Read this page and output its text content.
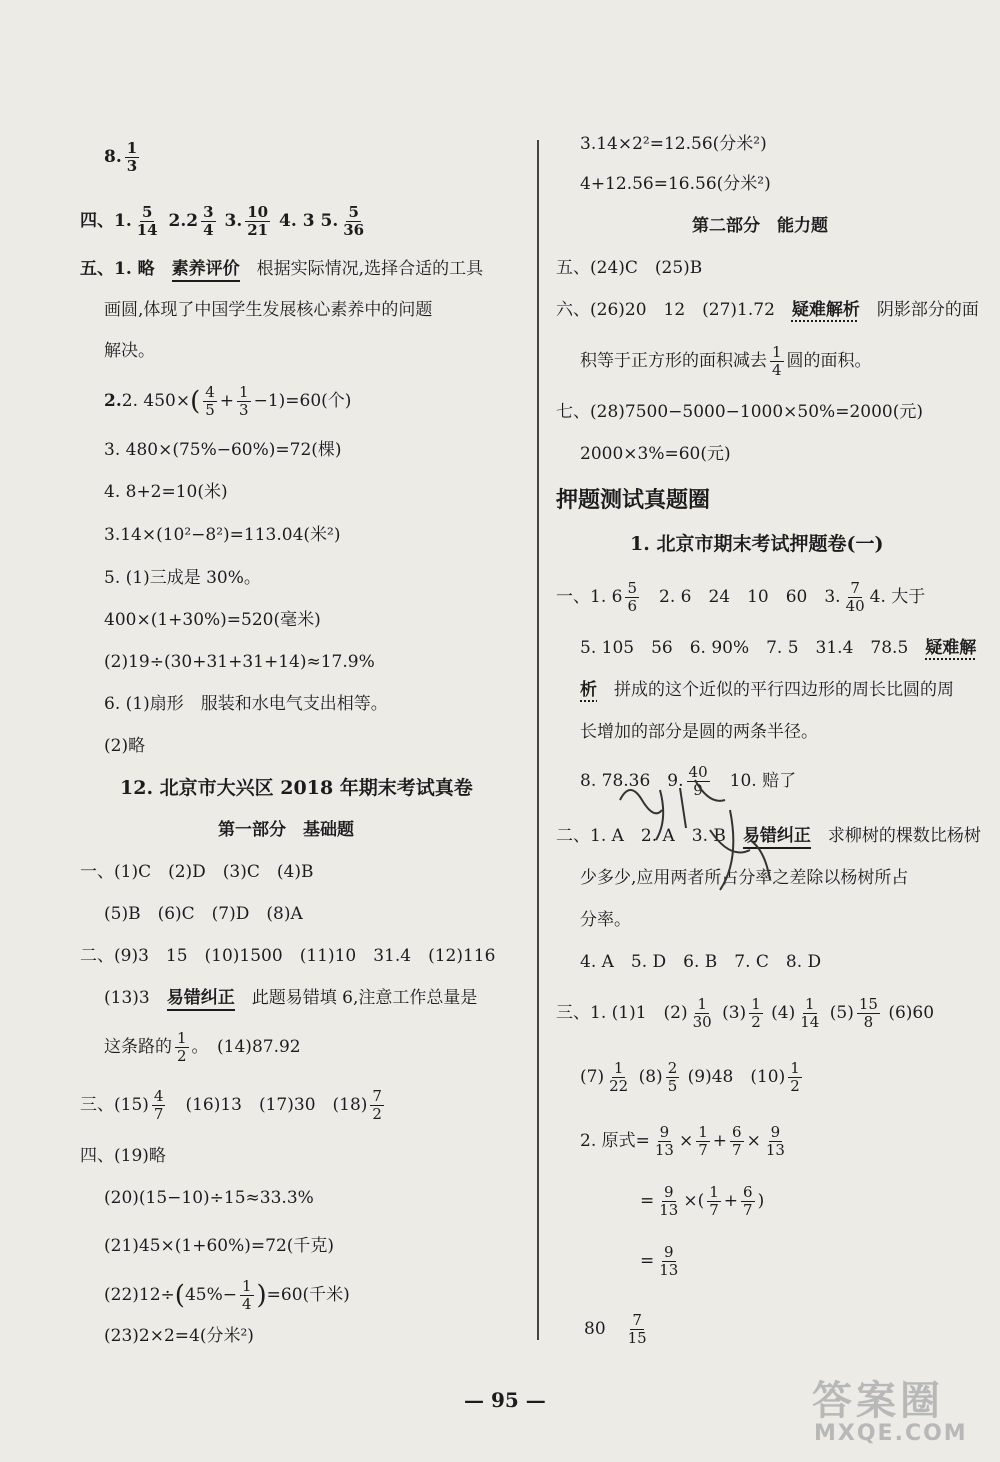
8. $\frac{1}{3}$
四、1. $\frac{5}{14} 2.2 \frac{3}{4} 3$. $\frac{10}{21} 4$. 3 5. $\frac{5}{36}$
五、1. 略　 素养评价　 根据实际情况,选择合适的工具
画圆,体现了中国学生发展核心素养中的问题
解决。
2.2. $450\times( \frac{4}{5} + \frac{1}{3} -1)=60$(个)
3. 480×(75%−60%)=72(棵)
4. 8+2=10(米)
3.14×(10²−8²)=113.04(米²)
5. (1)三成是 30%。
400×(1+30%)=520(毫米)
(2)19÷(30+31+31+14)≈17.9%
6. (1)扇形　服装和水电气支出相等。
(2)略
12. 北京市大兴区 2018 年期末考试真卷
第一部分　基础题
一、(1)C　(2)D　(3)C　(4)B
(5)B　(6)C　(7)D　(8)A
二、(9)3　15　(10)1500　(11)10　31.4　(12)116
(13)3　 易错纠正　 此题易错填 6,注意工作总量是
这条路的 $\frac{1}{2}$ 。　(14)87.92
三、$(15) \frac{4}{7}$
　 (16)13　(17)30　$(18) \frac{7}{2}$
四、(19)略
(20)(15−10)÷15≈33.3%
(21)45×(1+60%)=72(千克)
$(22)12\div(45\%- \frac{1}{4} )=60$(千米)
(23)2×2=4(分米²)
3.14×2²=12.56(分米²)
4+12.56=16.56(分米²)
第二部分　能力题
五、(24)C　(25)B
六、(26)20　12　(27)1.72　 疑难解析　 阴影部分的面
积等于正方形的面积减去 $\frac{1}{4}$ 圆的面积。
七、(28)7500−5000−1000×50%=2000(元)
2000×3%=60(元)
押题测试真题圈
1. 北京市期末考试押题卷(一)
一、1. $6 \frac{5}{6}$
　 2. 6　24　10　60　3. $\frac{7}{40} 4$. 大于
5. 105　56　6. 90%　7. 5　31.4　78.5　 疑难解
析　 拼成的这个近似的平行四边形的周长比圆的周
长增加的部分是圆的两条半径。
8. 78.36　 9. $\frac{40}{9}$
　 10. 赔了
二、1. A　2. A　3. B　 易错纠正　 求柳树的棵数比杨树
少多少,应用两者所占分率之差除以杨树所占
分率。
4. A　5. D　6. B　7. C　8. D
三、1. (1)1　$(2) \frac{1}{30} (3) \frac{1}{2} (4) \frac{1}{14} (5) \frac{15}{8} (6)60$
$(7) \frac{1}{22} (8) \frac{2}{5} (9)48$　$(10) \frac{1}{2}$
2. 原式= $\frac{9}{13} \times \frac{1}{7} + \frac{6}{7} \times \frac{9}{13}$
= $\frac{9}{13}$ ×( $\frac{1}{7} + \frac{6}{7}$ )
= $\frac{9}{13}$
80　 $\frac{7}{15}$
— 95 —	答案圈
MXQE.COM
